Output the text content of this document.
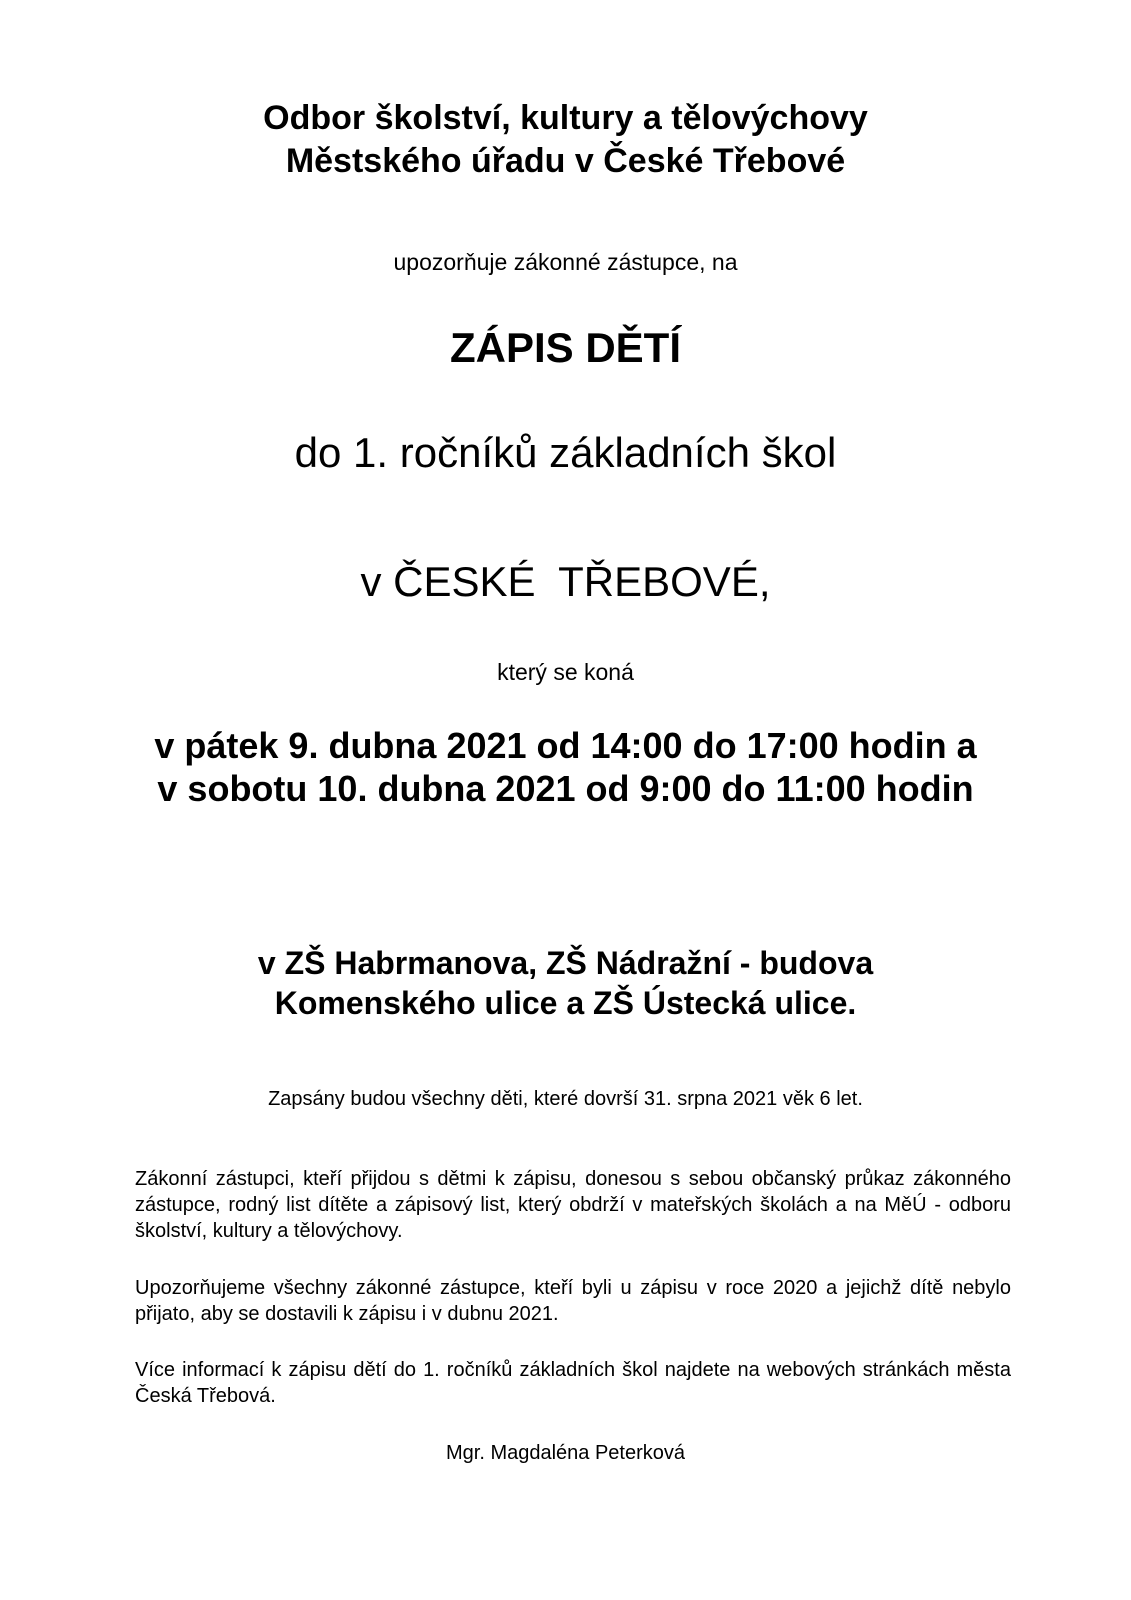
Odbor školství, kultury a tělovýchovy
Městského úřadu v České Třebové

upozorňuje zákonné zástupce, na

ZÁPIS DĚTÍ

do 1. ročníků základních škol

v ČESKÉ  TŘEBOVÉ,

který se koná

v pátek 9. dubna 2021 od 14:00 do 17:00 hodin a v sobotu 10. dubna 2021 od 9:00 do 11:00 hodin

v ZŠ Habrmanova, ZŠ Nádražní - budova
Komenského ulice a ZŠ Ústecká ulice.

Zapsány budou všechny děti, které dovrší 31. srpna 2021 věk 6 let.

Zákonní zástupci, kteří přijdou s dětmi k zápisu, donesou s sebou občanský průkaz zákonného zástupce, rodný list dítěte a zápisový list, který obdrží v mateřských školách a na MěÚ - odboru školství, kultury a tělovýchovy.

Upozorňujeme všechny zákonné zástupce, kteří byli u zápisu v roce 2020 a jejichž dítě nebylo přijato, aby se dostavili k zápisu i v dubnu 2021.

Více informací k zápisu dětí do 1. ročníků základních škol najdete na webových stránkách města Česká Třebová.

Mgr. Magdaléna Peterková
